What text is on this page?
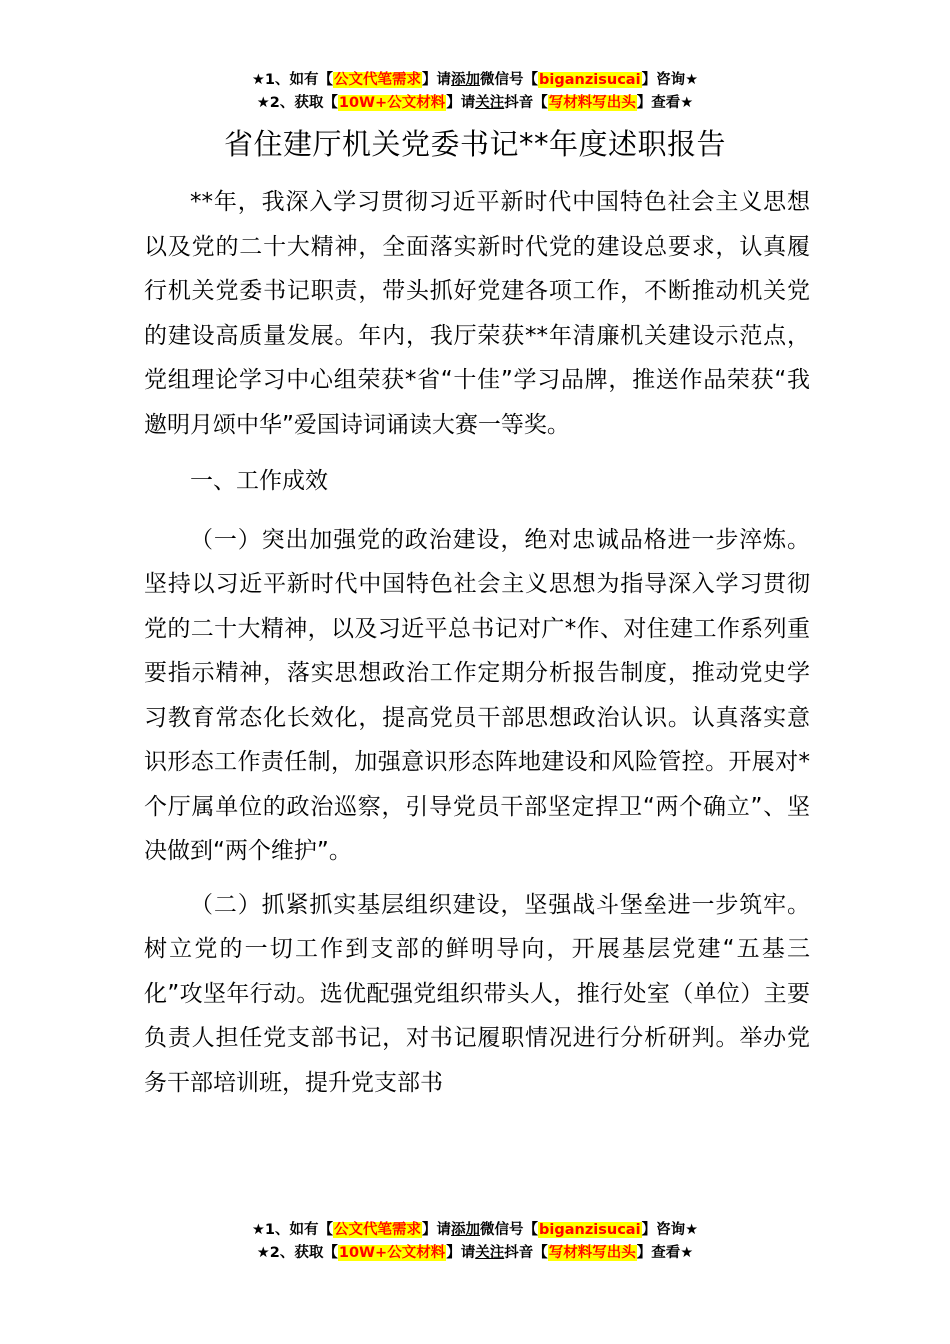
★1、如有【公文代笔需求】请添加微信号【biganzisucai】咨询★
★2、获取【10W+公文材料】请关注抖音【写材料写出头】查看★
省住建厅机关党委书记**年度述职报告

**年，我深入学习贯彻习近平新时代中国特色社会主义思想以及党的二十大精神，全面落实新时代党的建设总要求，认真履行机关党委书记职责，带头抓好党建各项工作，不断推动机关党的建设高质量发展。年内，我厅荣获**年清廉机关建设示范点，党组理论学习中心组荣获*省“十佳”学习品牌，推送作品荣获“我邀明月颂中华”爱国诗词诵读大赛一等奖。

一、工作成效

（一）突出加强党的政治建设，绝对忠诚品格进一步淬炼。坚持以习近平新时代中国特色社会主义思想为指导深入学习贯彻党的二十大精神，以及习近平总书记对广*作、对住建工作系列重要指示精神，落实思想政治工作定期分析报告制度，推动党史学习教育常态化长效化，提高党员干部思想政治认识。认真落实意识形态工作责任制，加强意识形态阵地建设和风险管控。开展对*个厅属单位的政治巡察，引导党员干部坚定捍卫“两个确立”、坚决做到“两个维护”。

（二）抓紧抓实基层组织建设，坚强战斗堡垒进一步筑牢。树立党的一切工作到支部的鲜明导向，开展基层党建“五基三化”攻坚年行动。选优配强党组织带头人，推行处室（单位）主要负责人担任党支部书记，对书记履职情况进行分析研判。举办党务干部培训班，提升党支部书

★1、如有【公文代笔需求】请添加微信号【biganzisucai】咨询★
★2、获取【10W+公文材料】请关注抖音【写材料写出头】查看★
